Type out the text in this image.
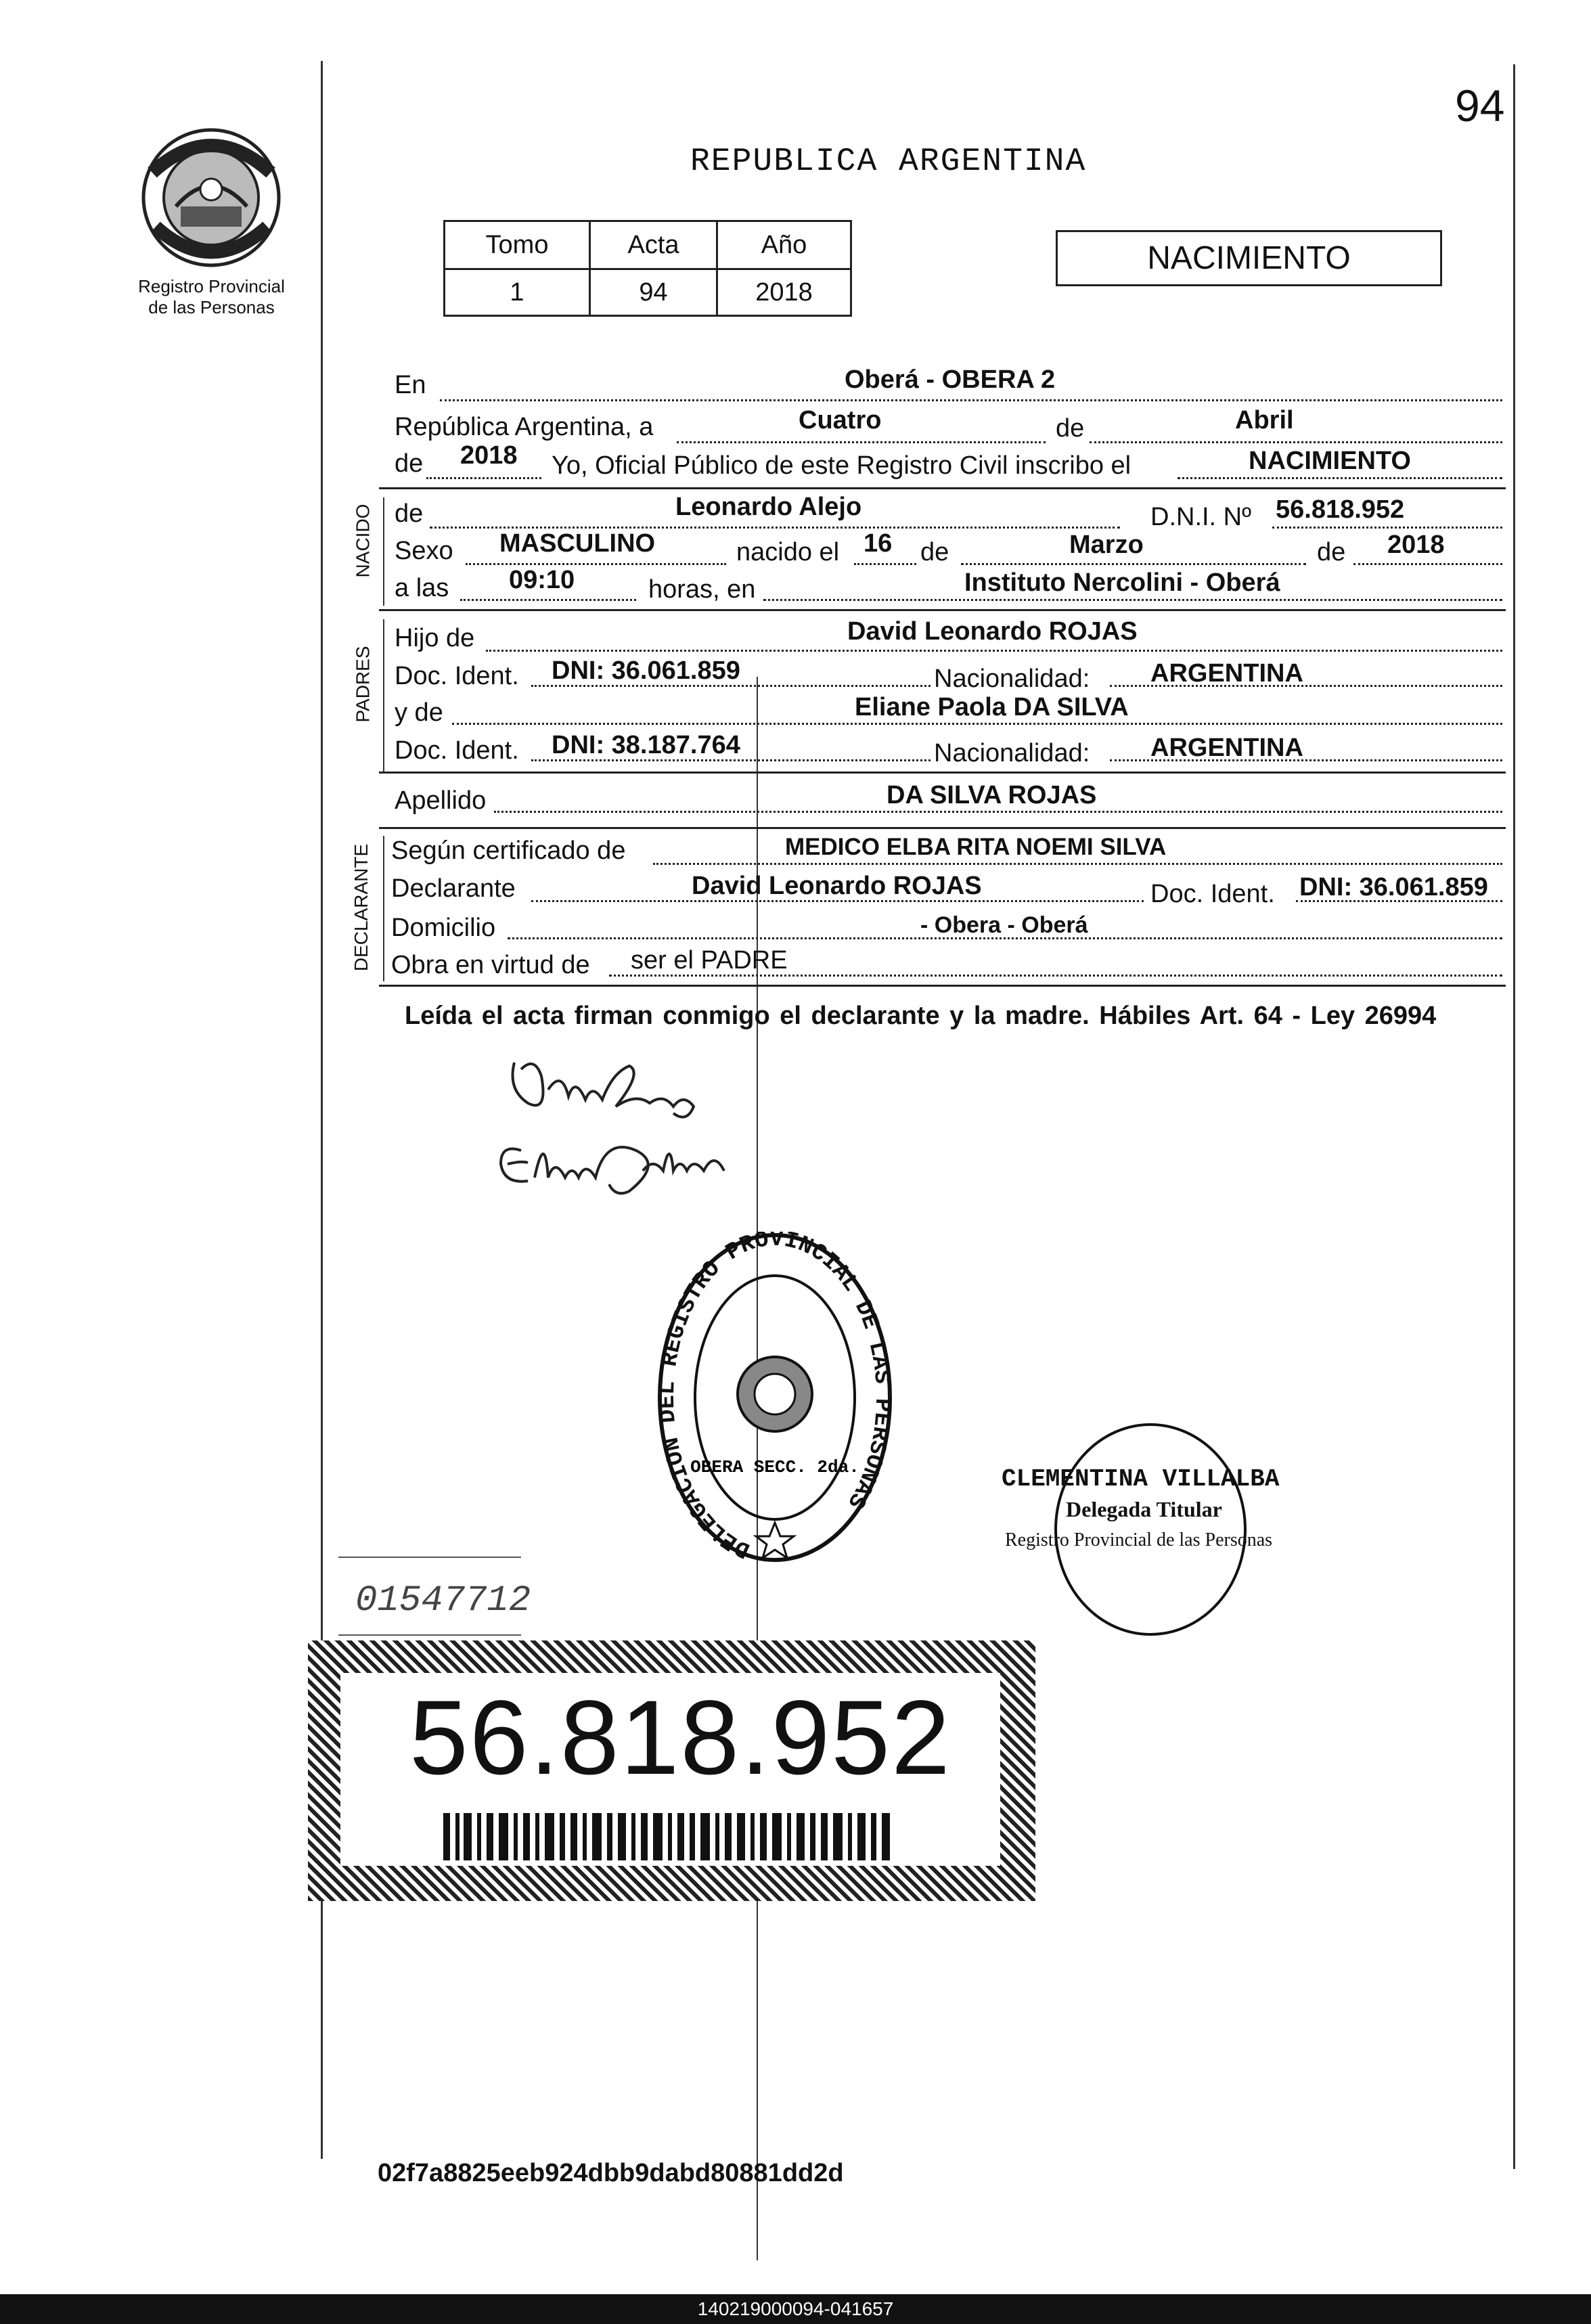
94
Registro Provincial
de las Personas
REPUBLICA ARGENTINA
Tomo	Acta	Año
1	94	2018
NACIMIENTO
NACIDO
PADRES
DECLARANTE
En	Oberá - OBERA 2
República Argentina, a	Cuatro	de	Abril
de 2018 Yo, Oficial Público de este Registro Civil inscribo el	NACIMIENTO
de	Leonardo Alejo	D.N.I. Nº 56.818.952
Sexo MASCULINO	nacido el 16 de	Marzo	de 2018
a las 09:10	horas, en	Instituto Nercolini - Oberá
Hijo de	David Leonardo ROJAS
Doc. Ident. DNI: 36.061.859	Nacionalidad: ARGENTINA
y de	Eliane Paola DA SILVA
Doc. Ident. DNI: 38.187.764	Nacionalidad: ARGENTINA
Apellido	DA SILVA ROJAS
Según certificado de	MEDICO ELBA RITA NOEMI SILVA
Declarante	David Leonardo ROJAS	Doc. Ident. DNI: 36.061.859
Domicilio	- Obera - Oberá
Obra en virtud de ser el PADRE
Leída el acta firman conmigo el declarante y la madre. Hábiles Art. 64 - Ley 26994
DELEGACION DEL REGISTRO PROVINCIAL DE LAS PERSONAS
OBERA SECC. 2da.	CLEMENTINA VILLALBA
Delegada Titular
Registro Provincial de las Personas
01547712
56.818.952
02f7a8825eeb924dbb9dabd80881dd2d
140219000094-041657
